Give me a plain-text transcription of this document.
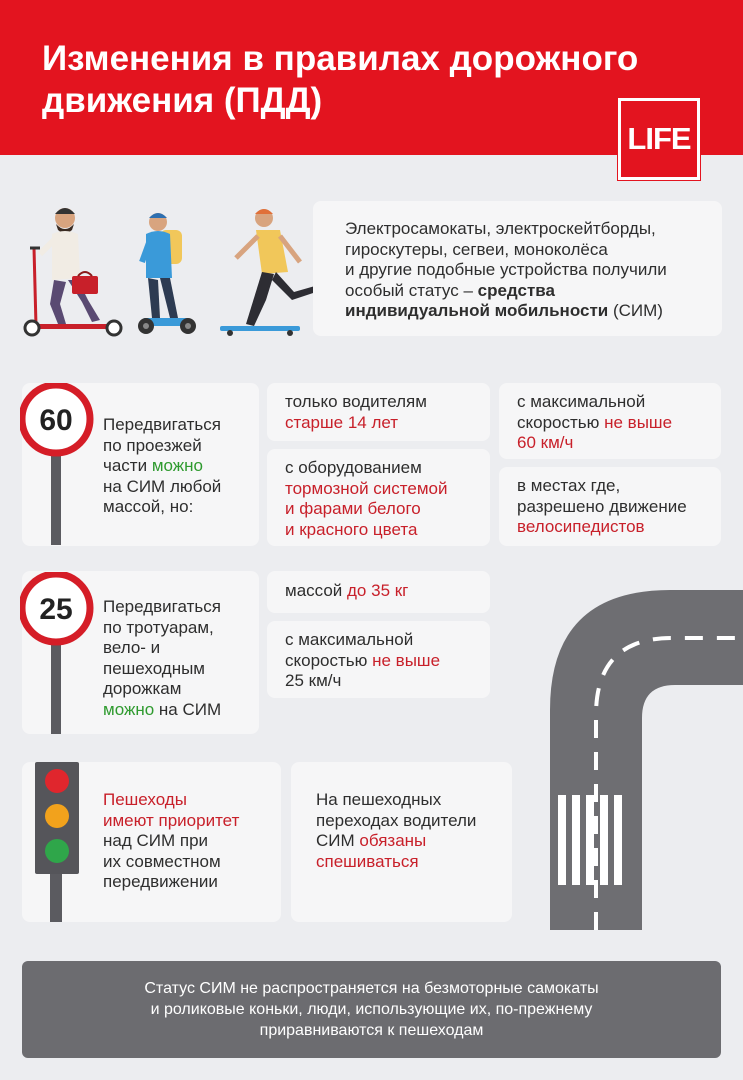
Изменения в правилах дорожного движения (ПДД)
LIFE
Электросамокаты, электроскейтборды,
гироскутеры, сегвеи, моноколёса
и другие подобные устройства получили
особый статус – средства
индивидуальной мобильности (СИМ)
60 Передвигаться
по проезжей
части можно
на СИМ любой
массой, но:
только водителям
старше 14 лет
с оборудованием
тормозной системой
и фарами белого
и красного цвета
с максимальной
скоростью не выше
60 км/ч
в местах где,
разрешено движение
велосипедистов
25 Передвигаться
по тротуарам,
вело- и
пешеходным
дорожкам
можно на СИМ
массой до 35 кг
с максимальной
скоростью не выше
25 км/ч
Пешеходы
имеют приоритет
над СИМ при
их совместном
передвижении
На пешеходных
переходах водители
СИМ обязаны
спешиваться
Статус СИМ не распространяется на безмоторные самокаты
и роликовые коньки, люди, использующие их, по-прежнему
приравниваются к пешеходам
